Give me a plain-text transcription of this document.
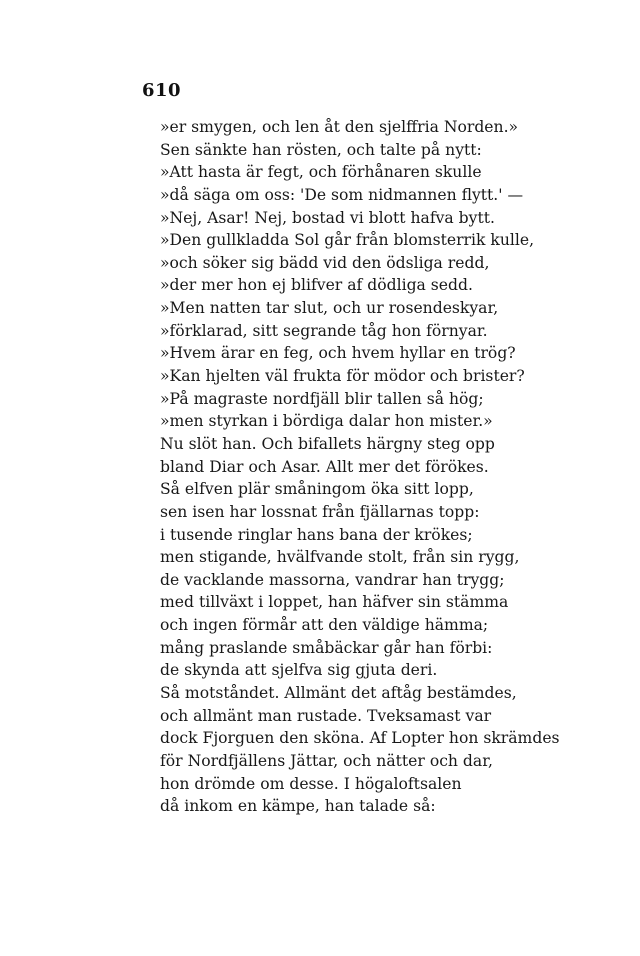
610
»er smygen, och len åt den sjelffria Norden.»
Sen sänkte han rösten, och talte på nytt:
»Att hasta är fegt, och förhånaren skulle
»då säga om oss: 'De som nidmannen flytt.' —
»Nej, Asar! Nej, bostad vi blott hafva bytt.
»Den gullkladda Sol går från blomsterrik kulle,
»och söker sig bädd vid den ödsliga redd,
»der mer hon ej blifver af dödliga sedd.
»Men natten tar slut, och ur rosendeskyar,
»förklarad, sitt segrande tåg hon förnyar.
»Hvem ärar en feg, och hvem hyllar en trög?
»Kan hjelten väl frukta för mödor och brister?
»På magraste nordfjäll blir tallen så hög;
»men styrkan i bördiga dalar hon mister.»
Nu slöt han. Och bifallets härgny steg opp
bland Diar och Asar. Allt mer det förökes.
Så elfven plär småningom öka sitt lopp,
sen isen har lossnat från fjällarnas topp:
i tusende ringlar hans bana der krökes;
men stigande, hvälfvande stolt, från sin rygg,
de vacklande massorna, vandrar han trygg;
med tillväxt i loppet, han häfver sin stämma
och ingen förmår att den väldige hämma;
mång praslande småbäckar går han förbi:
de skynda att sjelfva sig gjuta deri.
Så motståndet. Allmänt det aftåg bestämdes,
och allmänt man rustade. Tveksamast var
dock Fjorguen den sköna. Af Lopter hon skrämdes
för Nordfjällens Jättar, och nätter och dar,
hon drömde om desse. I högaloftsalen
då inkom en kämpe, han talade så:
